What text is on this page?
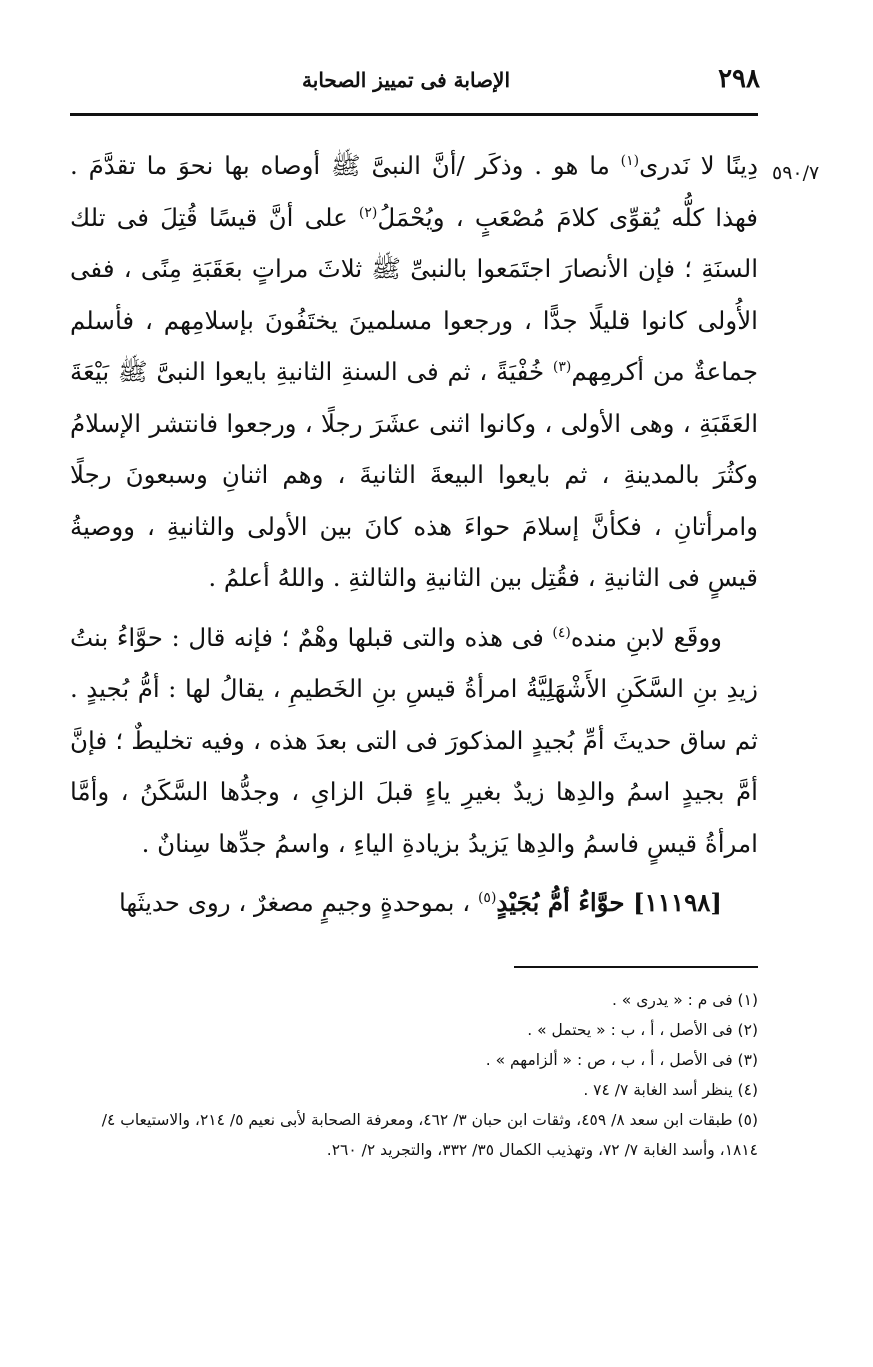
٢٩٨
الإصابة فى تمييز الصحابة
٥٩٠/٧

دِينًا لا نَدرى$^{(١)}$ ما هو . وذكَر /أنَّ النبىَّ ﷺ أوصاه بها نحوَ ما تقدَّمَ . فهذا كلُّه يُقوِّى كلامَ مُصْعَبٍ ، ويُحْمَلُ$^{(٢)}$ على أنَّ قيسًا قُتِلَ فى تلك السنَةِ ؛ فإن الأنصارَ اجتَمَعوا بالنبىِّ ﷺ ثلاثَ مراتٍ بعَقَبَةِ مِنًى ، ففى الأُولى كانوا قليلًا جدًّا ، ورجعوا مسلمينَ يختَفُونَ بإسلامِهم ، فأسلم جماعةٌ من أكرمِهم$^{(٣)}$ خُفْيَةً ، ثم فى السنةِ الثانيةِ بايعوا النبىَّ ﷺ بَيْعَةَ العَقَبَةِ ، وهى الأولى ، وكانوا اثنى عشَرَ رجلًا ، ورجعوا فانتشر الإسلامُ وكثُرَ بالمدينةِ ، ثم بايعوا البيعةَ الثانيةَ ، وهم اثنانِ وسبعونَ رجلًا وامرأتانِ ، فكأنَّ إسلامَ حواءَ هذه كانَ بين الأولى والثانيةِ ، ووصيةُ قيسٍ فى الثانيةِ ، فقُتِل بين الثانيةِ والثالثةِ . واللهُ أعلمُ .

ووقَع لابنِ منده$^{(٤)}$ فى هذه والتى قبلها وهْمٌ ؛ فإنه قال : حوَّاءُ بنتُ زيدِ بنِ السَّكَنِ الأَشْهَلِيَّةُ امرأةُ قيسِ بنِ الخَطيمِ ، يقالُ لها : أمُّ بُجيدٍ . ثم ساق حديثَ أمِّ بُجيدٍ المذكورَ فى التى بعدَ هذه ، وفيه تخليطٌ ؛ فإنَّ أمَّ بجيدٍ اسمُ والدِها زيدٌ بغيرِ ياءٍ قبلَ الزاىِ ، وجدُّها السَّكَنُ ، وأمَّا امرأةُ قيسٍ فاسمُ والدِها يَزيدُ بزيادةِ الياءِ ، واسمُ جدِّها سِنانٌ .

[١١١٩٨] حوَّاءُ أمُّ بُجَيْدٍ$^{(٥)}$ ، بموحدةٍ وجيمٍ مصغرٌ ، روى حديثَها

(١) فى م : « يدرى » .
(٢) فى الأصل ، أ ، ب : « يحتمل » .
(٣) فى الأصل ، أ ، ب ، ص : « ألزامهم » .
(٤) ينظر أسد الغابة ٧/ ٧٤ .
(٥) طبقات ابن سعد ٨/ ٤٥٩، وثقات ابن حبان ٣/ ٤٦٢، ومعرفة الصحابة لأبى نعيم ٥/ ٢١٤، والاستيعاب ٤/ ١٨١٤، وأسد الغابة ٧/ ٧٢، وتهذيب الكمال ٣٥/ ٣٣٢، والتجريد ٢/ ٢٦٠.
